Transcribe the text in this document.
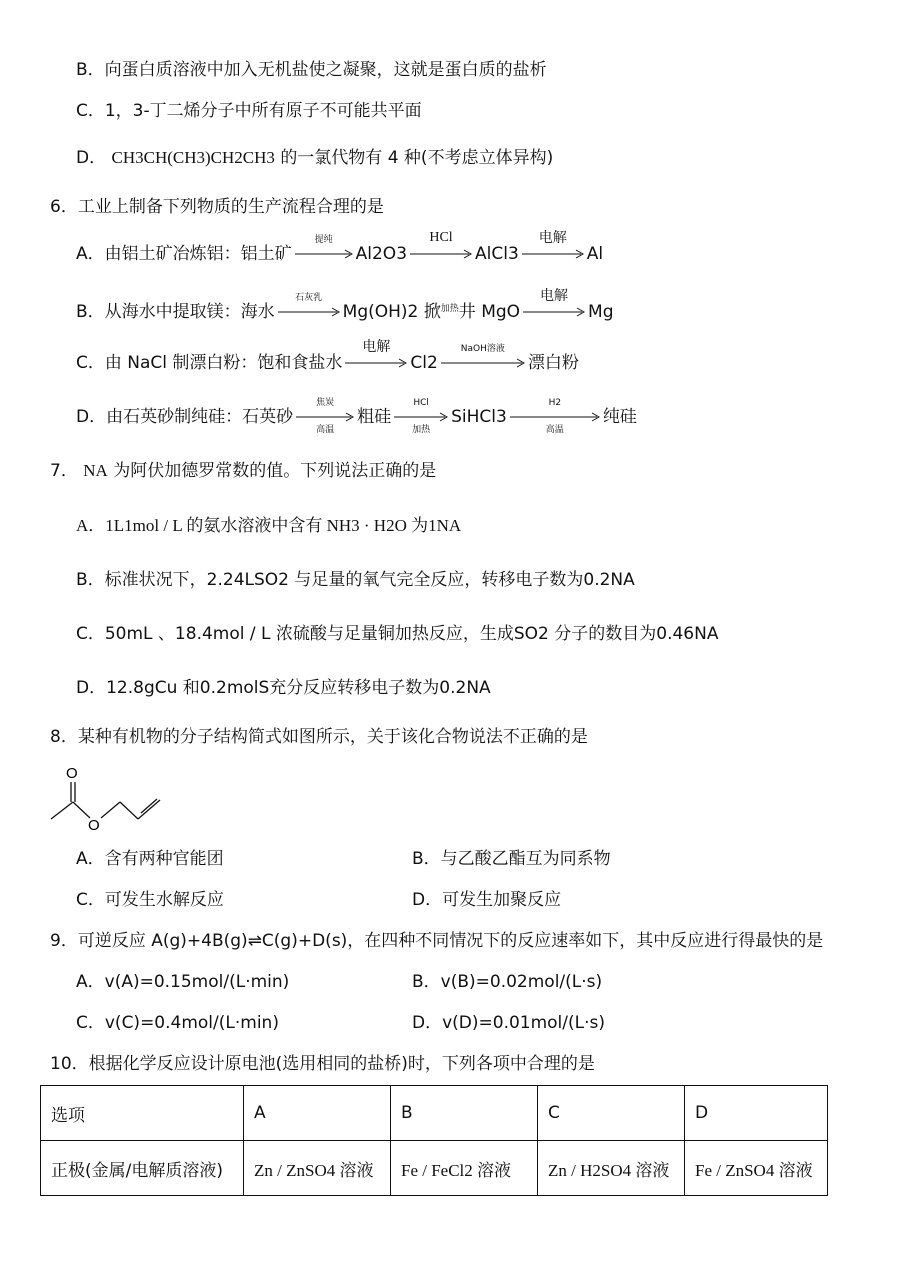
B．向蛋白质溶液中加入无机盐使之凝聚，这就是蛋白质的盐析
C．1，3-丁二烯分子中所有原子不可能共平面
D． CH3CH(CH3)CH2CH3 的一氯代物有 4 种(不考虑立体异构)
6．工业上制备下列物质的生产流程合理的是
A．由铝土矿冶炼铝：铝土矿
提纯
Al2O3
HCl
AlCl3
电解
Al
B．从海水中提取镁：海水
石灰乳
Mg(OH)2 掀$^{加热}$井 MgO
电解
Mg
C．由 NaCl 制漂白粉：饱和食盐水
电解
Cl2
NaOH溶液
漂白粉
D．由石英砂制纯硅：石英砂
焦炭
高温
粗硅
HCl
加热
SiHCl3
H2
高温
纯硅
7． NA 为阿伏加德罗常数的值。下列说法正确的是
A．1L1mol / L 的氨水溶液中含有 NH3 · H2O 为1NA
B．标准状况下，2.24LSO2 与足量的氧气完全反应，转移电子数为0.2NA
C．50mL 、18.4mol / L 浓硫酸与足量铜加热反应，生成SO2 分子的数目为0.46NA
D．12.8gCu 和0.2molS充分反应转移电子数为0.2NA
8．某种有机物的分子结构简式如图所示，关于该化合物说法不正确的是
O
O
A．含有两种官能团	B．与乙酸乙酯互为同系物
C．可发生水解反应	D．可发生加聚反应
9．可逆反应 A(g)+4B(g)⇌C(g)+D(s)，在四种不同情况下的反应速率如下，其中反应进行得最快的是
A．v(A)=0.15mol/(L·min)	B．v(B)=0.02mol/(L·s)
C．v(C)=0.4mol/(L·min)	D．v(D)=0.01mol/(L·s)
10．根据化学反应设计原电池(选用相同的盐桥)时，下列各项中合理的是
选项	A	B	C	D
正极(金属/电解质溶液)	Zn / ZnSO4 溶液	Fe / FeCl2 溶液	Zn / H2SO4 溶液	Fe / ZnSO4 溶液
